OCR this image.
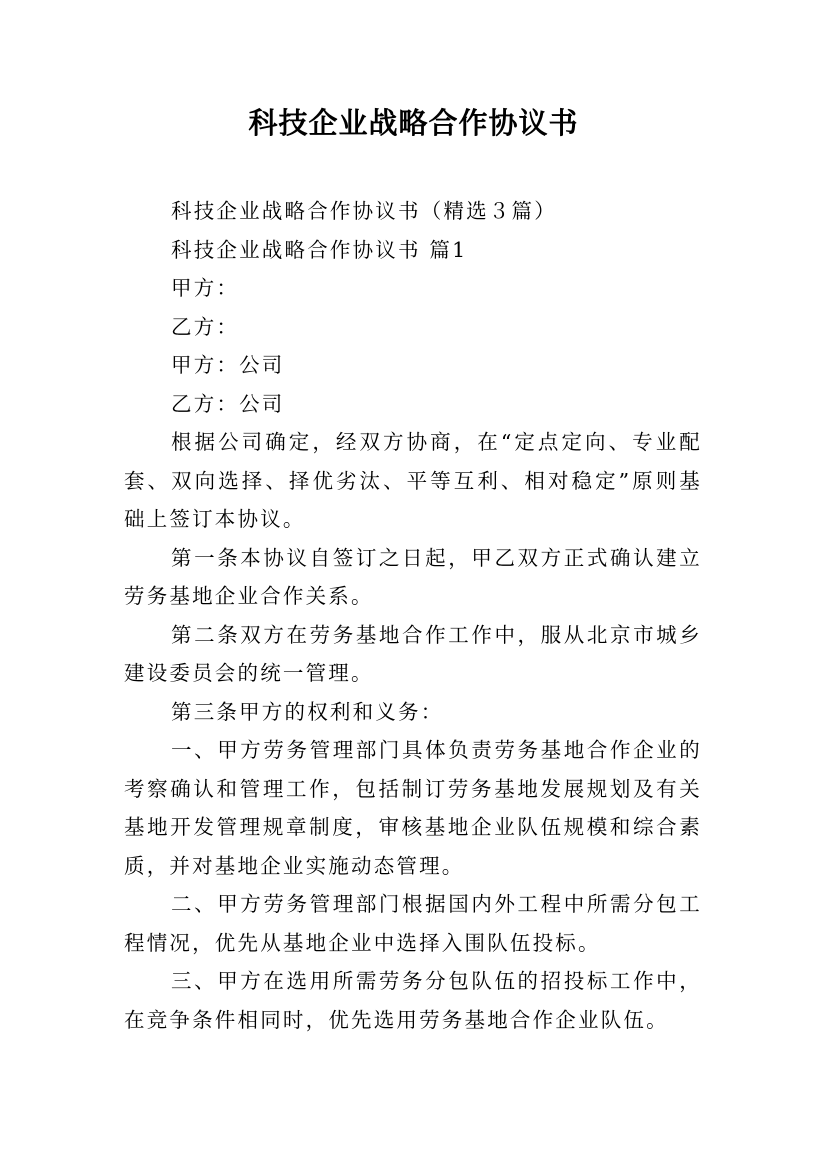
科技企业战略合作协议书

科技企业战略合作协议书（精选３篇）

科技企业战略合作协议书 篇1

甲方：

乙方：

甲方：公司

乙方：公司

根据公司确定，经双方协商，在“定点定向、专业配套、双向选择、择优劣汰、平等互利、相对稳定”原则基础上签订本协议。

第一条本协议自签订之日起，甲乙双方正式确认建立劳务基地企业合作关系。

第二条双方在劳务基地合作工作中，服从北京市城乡建设委员会的统一管理。

第三条甲方的权利和义务：

一、甲方劳务管理部门具体负责劳务基地合作企业的考察确认和管理工作，包括制订劳务基地发展规划及有关基地开发管理规章制度，审核基地企业队伍规模和综合素质，并对基地企业实施动态管理。

二、甲方劳务管理部门根据国内外工程中所需分包工程情况，优先从基地企业中选择入围队伍投标。

三、甲方在选用所需劳务分包队伍的招投标工作中，在竞争条件相同时，优先选用劳务基地合作企业队伍。
